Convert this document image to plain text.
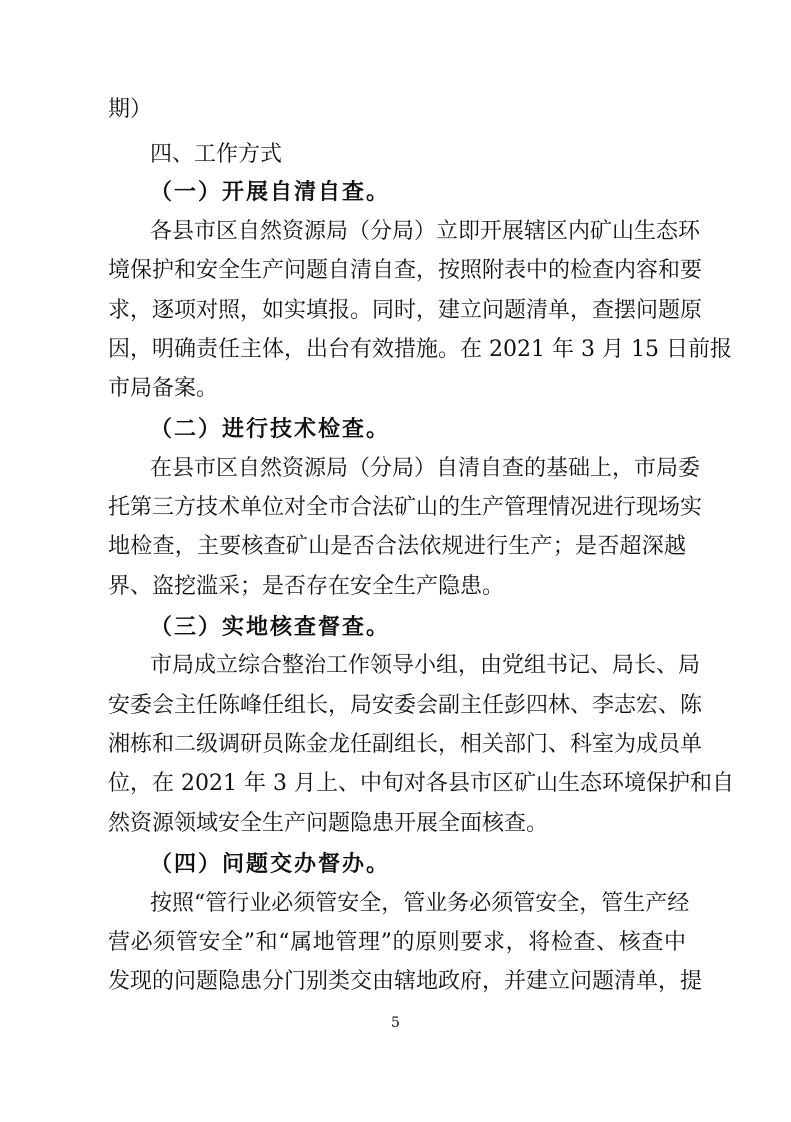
期）
四、工作方式
（一）开展自清自查。
各县市区自然资源局（分局）立即开展辖区内矿山生态环
境保护和安全生产问题自清自查，按照附表中的检查内容和要
求，逐项对照，如实填报。同时，建立问题清单，查摆问题原
因，明确责任主体，出台有效措施。在 2021 年 3 月 15 日前报
市局备案。
（二）进行技术检查。
在县市区自然资源局（分局）自清自查的基础上，市局委
托第三方技术单位对全市合法矿山的生产管理情况进行现场实
地检查，主要核查矿山是否合法依规进行生产；是否超深越
界、盗挖滥采；是否存在安全生产隐患。
（三）实地核查督查。
市局成立综合整治工作领导小组，由党组书记、局长、局
安委会主任陈峰任组长，局安委会副主任彭四林、李志宏、陈
湘栋和二级调研员陈金龙任副组长，相关部门、科室为成员单
位，在 2021 年 3 月上、中旬对各县市区矿山生态环境保护和自
然资源领域安全生产问题隐患开展全面核查。
（四）问题交办督办。
按照“管行业必须管安全，管业务必须管安全，管生产经
营必须管安全”和“属地管理”的原则要求，将检查、核查中
发现的问题隐患分门别类交由辖地政府，并建立问题清单，提
5
